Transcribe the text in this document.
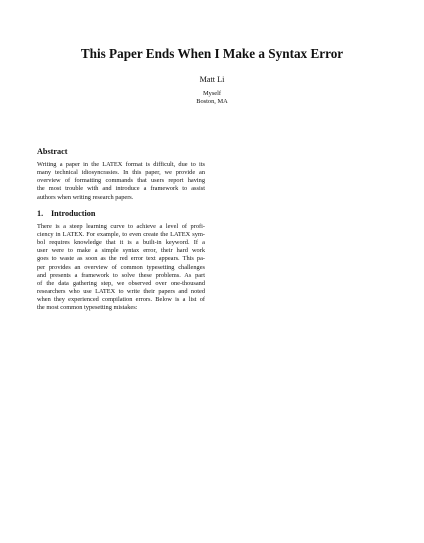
This Paper Ends When I Make a Syntax Error
Matt Li
Myself
Boston, MA
Abstract
Writing a paper in the LATEX format is difficult, due to its
many technical idiosyncrasies. In this paper, we provide an
overview of formatting commands that users report having
the most trouble with and introduce a framework to assist
authors when writing research papers.
1. Introduction
There is a steep learning curve to achieve a level of profi-
ciency in LATEX. For example, to even create the LATEX sym-
bol requires knowledge that it is a built-in keyword. If a
user were to make a simple syntax error, their hard work
goes to waste as soon as the red error text appears. This pa-
per provides an overview of common typesetting challenges
and presents a framework to solve these problems. As part
of the data gathering step, we observed over one-thousand
researchers who use LATEX to write their papers and noted
when they experienced compilation errors. Below is a list of
the most common typesetting mistakes:
